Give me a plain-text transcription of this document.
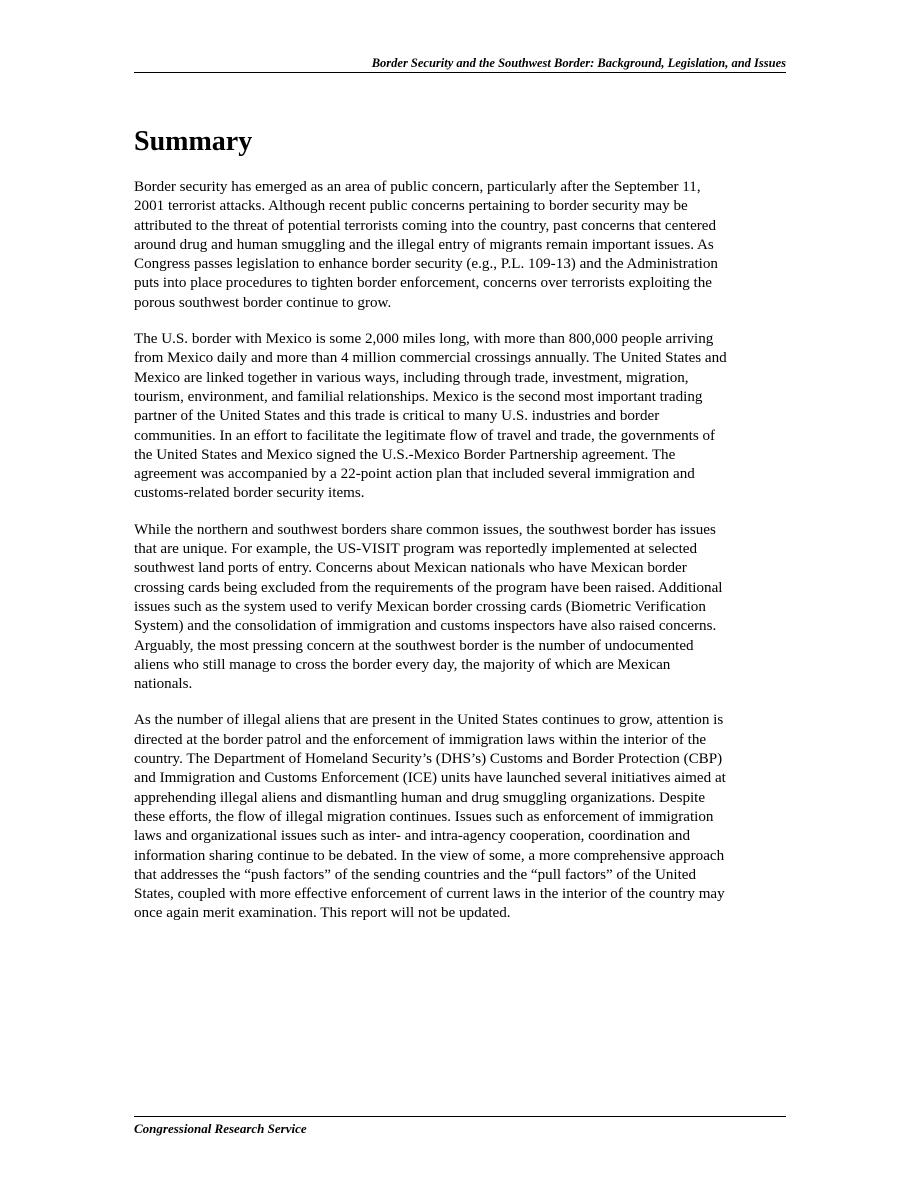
Border Security and the Southwest Border: Background, Legislation, and Issues
Summary

Border security has emerged as an area of public concern, particularly after the September 11,
2001 terrorist attacks. Although recent public concerns pertaining to border security may be
attributed to the threat of potential terrorists coming into the country, past concerns that centered
around drug and human smuggling and the illegal entry of migrants remain important issues. As
Congress passes legislation to enhance border security (e.g., P.L. 109-13) and the Administration
puts into place procedures to tighten border enforcement, concerns over terrorists exploiting the
porous southwest border continue to grow.

The U.S. border with Mexico is some 2,000 miles long, with more than 800,000 people arriving
from Mexico daily and more than 4 million commercial crossings annually. The United States and
Mexico are linked together in various ways, including through trade, investment, migration,
tourism, environment, and familial relationships. Mexico is the second most important trading
partner of the United States and this trade is critical to many U.S. industries and border
communities. In an effort to facilitate the legitimate flow of travel and trade, the governments of
the United States and Mexico signed the U.S.-Mexico Border Partnership agreement. The
agreement was accompanied by a 22-point action plan that included several immigration and
customs-related border security items.

While the northern and southwest borders share common issues, the southwest border has issues
that are unique. For example, the US-VISIT program was reportedly implemented at selected
southwest land ports of entry. Concerns about Mexican nationals who have Mexican border
crossing cards being excluded from the requirements of the program have been raised. Additional
issues such as the system used to verify Mexican border crossing cards (Biometric Verification
System) and the consolidation of immigration and customs inspectors have also raised concerns.
Arguably, the most pressing concern at the southwest border is the number of undocumented
aliens who still manage to cross the border every day, the majority of which are Mexican
nationals.

As the number of illegal aliens that are present in the United States continues to grow, attention is
directed at the border patrol and the enforcement of immigration laws within the interior of the
country. The Department of Homeland Security’s (DHS’s) Customs and Border Protection (CBP)
and Immigration and Customs Enforcement (ICE) units have launched several initiatives aimed at
apprehending illegal aliens and dismantling human and drug smuggling organizations. Despite
these efforts, the flow of illegal migration continues. Issues such as enforcement of immigration
laws and organizational issues such as inter- and intra-agency cooperation, coordination and
information sharing continue to be debated. In the view of some, a more comprehensive approach
that addresses the “push factors” of the sending countries and the “pull factors” of the United
States, coupled with more effective enforcement of current laws in the interior of the country may
once again merit examination. This report will not be updated.

Congressional Research Service
